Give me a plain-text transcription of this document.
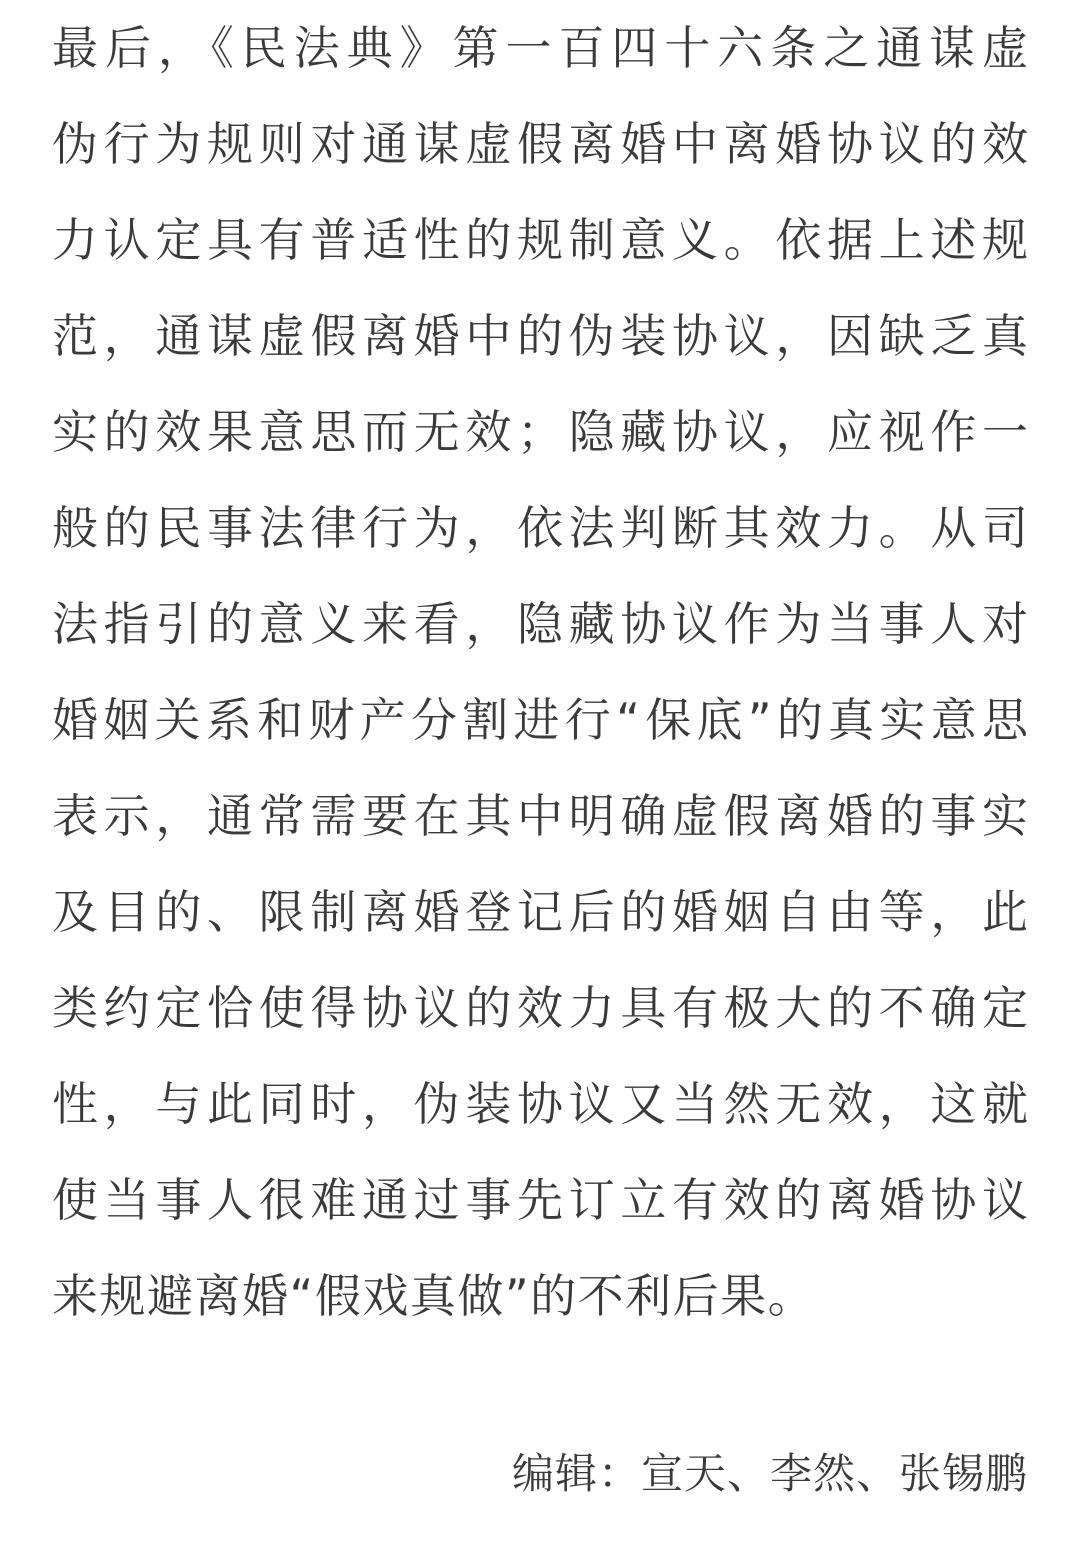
最后，《民法典》第一百四十六条之通谋虚
伪行为规则对通谋虚假离婚中离婚协议的效
力认定具有普适性的规制意义。依据上述规
范，通谋虚假离婚中的伪装协议，因缺乏真
实的效果意思而无效；隐藏协议，应视作一
般的民事法律行为，依法判断其效力。从司
法指引的意义来看，隐藏协议作为当事人对
婚姻关系和财产分割进行“保底”的真实意思
表示，通常需要在其中明确虚假离婚的事实
及目的、限制离婚登记后的婚姻自由等，此
类约定恰使得协议的效力具有极大的不确定
性，与此同时，伪装协议又当然无效，这就
使当事人很难通过事先订立有效的离婚协议
来规避离婚“假戏真做”的不利后果。
编辑：宣天、李然、张锡鹏
